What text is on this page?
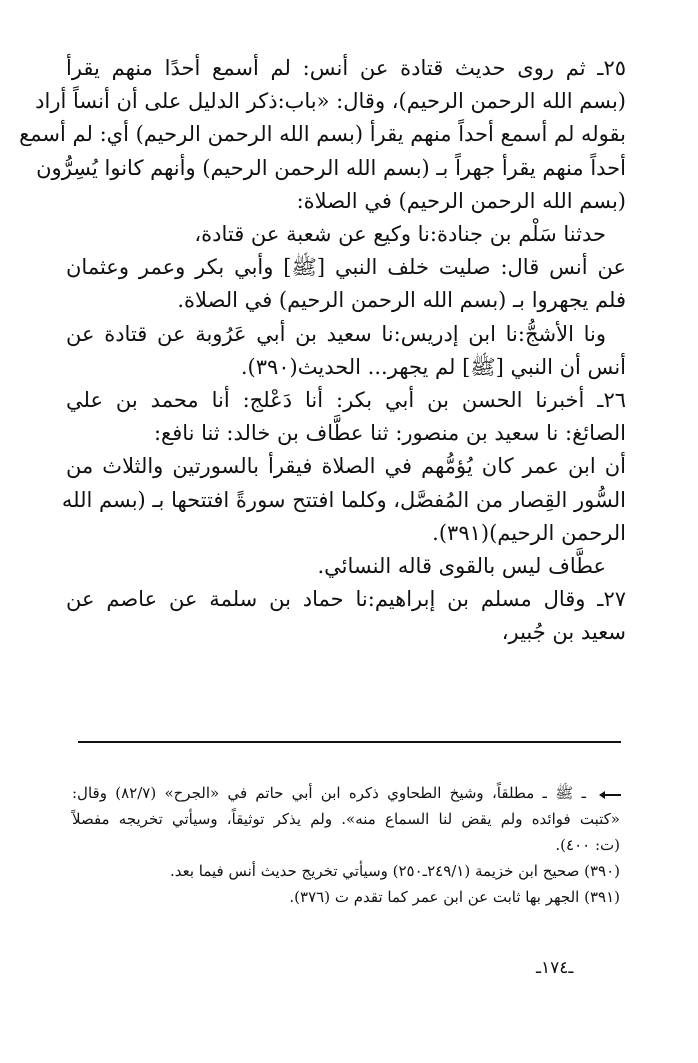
٢٥ـ ثم روى حديث قتادة عن أنس: لم أسمع أحدًا منهم يقرأ
(بسم الله الرحمن الرحيم)، وقال: «باب:ذكر الدليل على أن أنساً أراد
بقوله لم أسمع أحداً منهم يقرأ (بسم الله الرحمن الرحيم) أي: لم أسمع
أحداً منهم يقرأ جهراً بـ (بسم الله الرحمن الرحيم) وأنهم كانوا يُسِرُّون
(بسم الله الرحمن الرحيم) في الصلاة:
حدثنا سَلْم بن جنادة:نا وكيع عن شعبة عن قتادة،
عن أنس قال: صليت خلف النبي [ﷺ] وأبي بكر وعمر وعثمان
فلم يجهروا بـ (بسم الله الرحمن الرحيم) في الصلاة.
ونا الأشجُّ:نا ابن إدريس:نا سعيد بن أبي عَرُوبة عن قتادة عن
أنس أن النبي [ﷺ] لم يجهر... الحديث(٣٩٠).
٢٦ـ أخبرنا الحسن بن أبي بكر: أنا دَعْلج: أنا محمد بن علي
الصائغ: نا سعيد بن منصور: ثنا عطَّاف بن خالد: ثنا نافع:
أن ابن عمر كان يُؤمُّهم في الصلاة فيقرأ بالسورتين والثلاث من
السُّور القِصار من المُفصَّل، وكلما افتتح سورةً افتتحها بـ (بسم الله
الرحمن الرحيم)(٣٩١).
عطَّاف ليس بالقوى قاله النسائي.
٢٧ـ وقال مسلم بن إبراهيم:نا حماد بن سلمة عن عاصم عن
سعيد بن جُبير،
ـ ﷺ ـ مطلقاً، وشيخ الطحاوي ذكره ابن أبي حاتم في «الجرح» (٨٢/٧) وقال:
«كتبت فوائده ولم يقض لنا السماع منه». ولم يذكر توثيقاً، وسيأتي تخريجه مفصلاً
(ت: ٤٠٠).
(٣٩٠) صحيح ابن خزيمة (٢٤٩/١ـ٢٥٠) وسيأتي تخريج حديث أنس فيما بعد.
(٣٩١) الجهر بها ثابت عن ابن عمر كما تقدم ت (٣٧٦).
ـ١٧٤ـ
